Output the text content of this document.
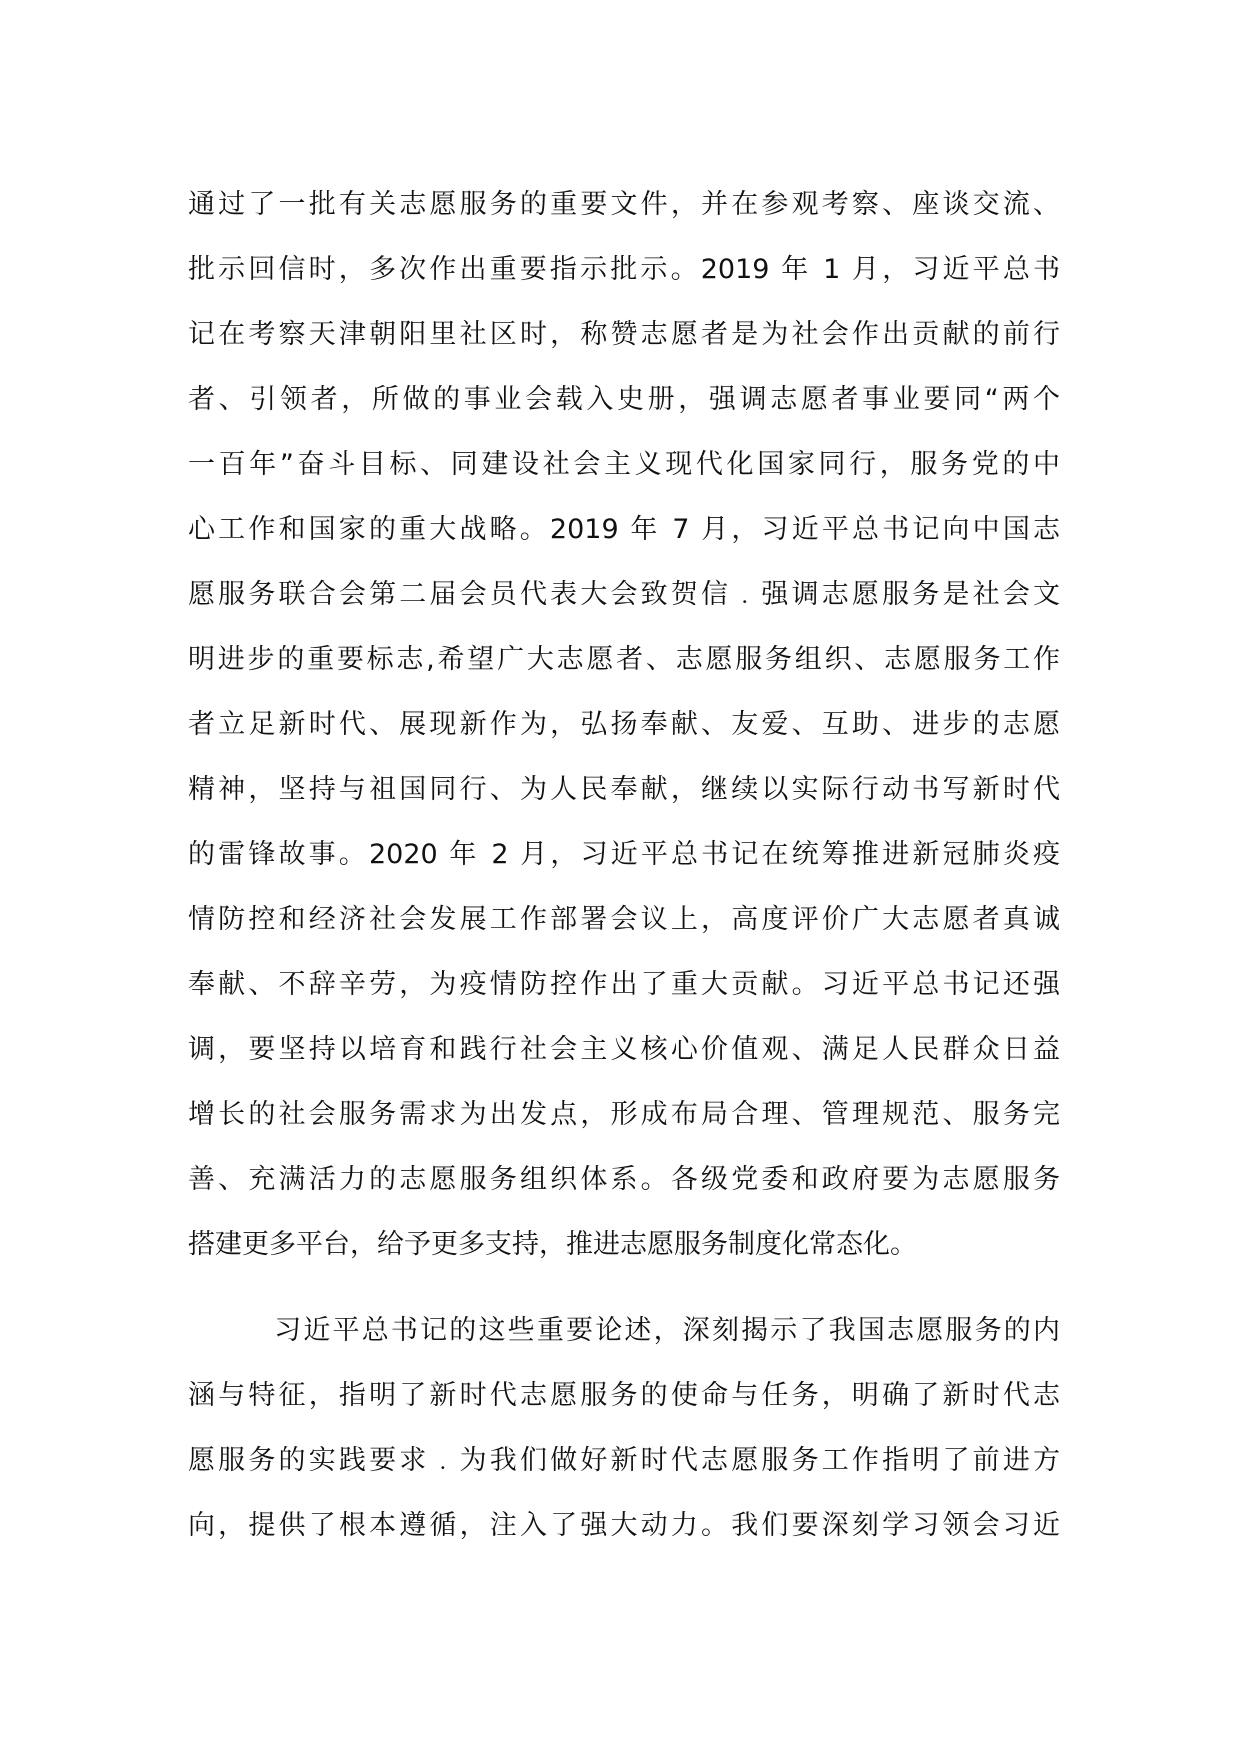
通过了一批有关志愿服务的重要文件，并在参观考察、座谈交流、
批示回信时，多次作出重要指示批示。2019 年 1 月，习近平总书
记在考察天津朝阳里社区时，称赞志愿者是为社会作出贡献的前行
者、引领者，所做的事业会载入史册，强调志愿者事业要同“两个
一百年”奋斗目标、同建设社会主义现代化国家同行，服务党的中
心工作和国家的重大战略。2019 年 7 月，习近平总书记向中国志
愿服务联合会第二届会员代表大会致贺信﹒强调志愿服务是社会文
明进步的重要标志,希望广大志愿者、志愿服务组织、志愿服务工作
者立足新时代、展现新作为，弘扬奉献、友爱、互助、进步的志愿
精神，坚持与祖国同行、为人民奉献，继续以实际行动书写新时代
的雷锋故事。2020 年 2 月，习近平总书记在统筹推进新冠肺炎疫
情防控和经济社会发展工作部署会议上，高度评价广大志愿者真诚
奉献、不辞辛劳，为疫情防控作出了重大贡献。习近平总书记还强
调，要坚持以培育和践行社会主义核心价值观、满足人民群众日益
增长的社会服务需求为出发点，形成布局合理、管理规范、服务完
善、充满活力的志愿服务组织体系。各级党委和政府要为志愿服务
搭建更多平台，给予更多支持，推进志愿服务制度化常态化。
习近平总书记的这些重要论述，深刻揭示了我国志愿服务的内
涵与特征，指明了新时代志愿服务的使命与任务，明确了新时代志
愿服务的实践要求﹒为我们做好新时代志愿服务工作指明了前进方
向，提供了根本遵循，注入了强大动力。我们要深刻学习领会习近
